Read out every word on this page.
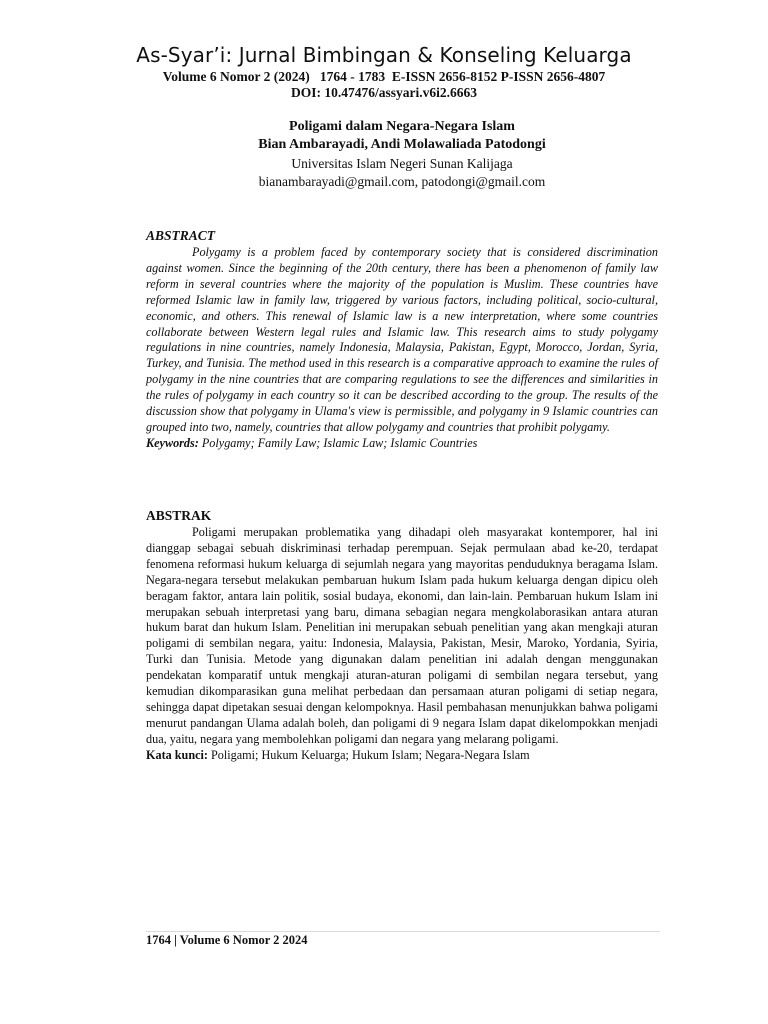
As-Syar’i: Jurnal Bimbingan & Konseling Keluarga
Volume 6 Nomor 2 (2024)   1764 - 1783  E-ISSN 2656-8152 P-ISSN 2656-4807
DOI: 10.47476/assyari.v6i2.6663
Poligami dalam Negara-Negara Islam
Bian Ambarayadi, Andi Molawaliada Patodongi
Universitas Islam Negeri Sunan Kalijaga
bianambarayadi@gmail.com, patodongi@gmail.com
ABSTRACT

Polygamy is a problem faced by contemporary society that is considered discrimination against women. Since the beginning of the 20th century, there has been a phenomenon of family law reform in several countries where the majority of the population is Muslim. These countries have reformed Islamic law in family law, triggered by various factors, including political, socio-cultural, economic, and others. This renewal of Islamic law is a new interpretation, where some countries collaborate between Western legal rules and Islamic law. This research aims to study polygamy regulations in nine countries, namely Indonesia, Malaysia, Pakistan, Egypt, Morocco, Jordan, Syria, Turkey, and Tunisia. The method used in this research is a comparative approach to examine the rules of polygamy in the nine countries that are comparing regulations to see the differences and similarities in the rules of polygamy in each country so it can be described according to the group. The results of the discussion show that polygamy in Ulama's view is permissible, and polygamy in 9 Islamic countries can grouped into two, namely, countries that allow polygamy and countries that prohibit polygamy.

Keywords: Polygamy; Family Law; Islamic Law; Islamic Countries

ABSTRAK

Poligami merupakan problematika yang dihadapi oleh masyarakat kontemporer, hal ini dianggap sebagai sebuah diskriminasi terhadap perempuan. Sejak permulaan abad ke-20, terdapat fenomena reformasi hukum keluarga di sejumlah negara yang mayoritas penduduknya beragama Islam. Negara-negara tersebut melakukan pembaruan hukum Islam pada hukum keluarga dengan dipicu oleh beragam faktor, antara lain politik, sosial budaya, ekonomi, dan lain-lain. Pembaruan hukum Islam ini merupakan sebuah interpretasi yang baru, dimana sebagian negara mengkolaborasikan antara aturan hukum barat dan hukum Islam. Penelitian ini merupakan sebuah penelitian yang akan mengkaji aturan poligami di sembilan negara, yaitu: Indonesia, Malaysia, Pakistan, Mesir, Maroko, Yordania, Syiria, Turki dan Tunisia. Metode yang digunakan dalam penelitian ini adalah dengan menggunakan pendekatan komparatif untuk mengkaji aturan-aturan poligami di sembilan negara tersebut, yang kemudian dikomparasikan guna melihat perbedaan dan persamaan aturan poligami di setiap negara, sehingga dapat dipetakan sesuai dengan kelompoknya. Hasil pembahasan menunjukkan bahwa poligami menurut pandangan Ulama adalah boleh, dan poligami di 9 negara Islam dapat dikelompokkan menjadi dua, yaitu, negara yang membolehkan poligami dan negara yang melarang poligami.

Kata kunci: Poligami; Hukum Keluarga; Hukum Islam; Negara-Negara Islam

1764 | Volume 6 Nomor 2 2024
